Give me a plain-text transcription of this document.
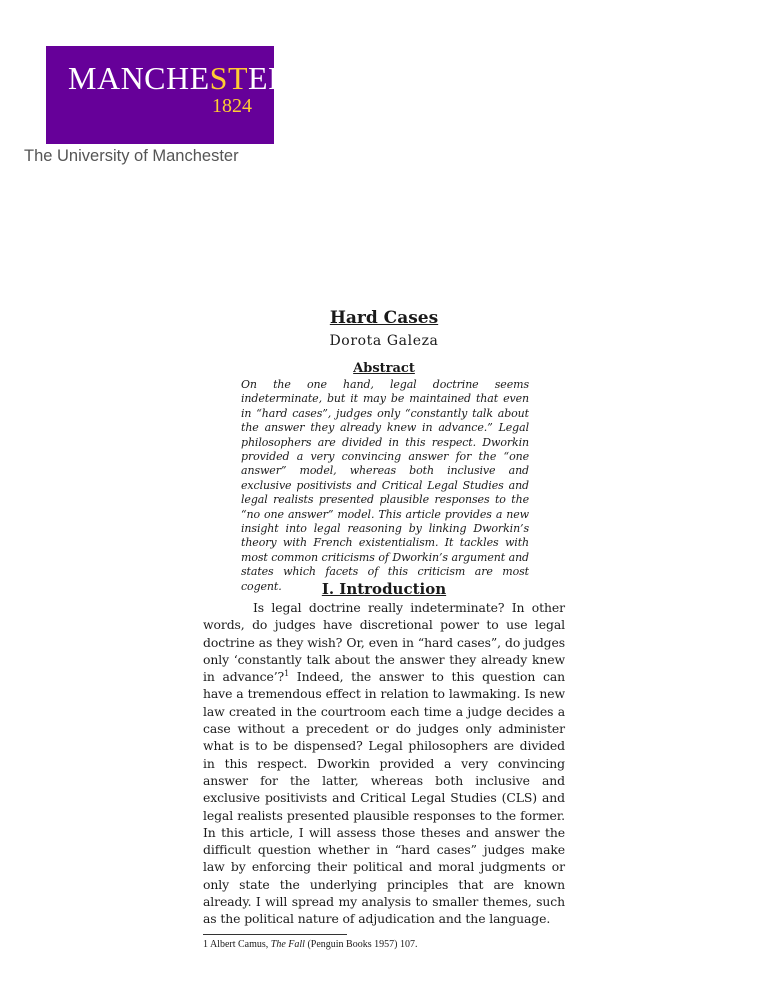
MANCHESTER
1824
The University of Manchester
Hard Cases
Dorota Galeza
Abstract

On the one hand, legal doctrine seems indeterminate, but it may be maintained that even in “hard cases”, judges only “constantly talk about the answer they already knew in advance.” Legal philosophers are divided in this respect. Dworkin provided a very convincing answer for the “one answer” model, whereas both inclusive and exclusive positivists and Critical Legal Studies and legal realists presented plausible responses to the “no one answer” model. This article provides a new insight into legal reasoning by linking Dworkin’s theory with French existentialism. It tackles with most common criticisms of Dworkin’s argument and states which facets of this criticism are most cogent.	I. Introduction

Is legal doctrine really indeterminate? In other words, do judges have discretional power to use legal doctrine as they wish? Or, even in “hard cases”, do judges only ‘constantly talk about the answer they already knew in advance’?$^1$ Indeed, the answer to this question can have a tremendous effect in relation to lawmaking. Is new law created in the courtroom each time a judge decides a case without a precedent or do judges only administer what is to be dispensed? Legal philosophers are divided in this respect. Dworkin provided a very convincing answer for the latter, whereas both inclusive and exclusive positivists and Critical Legal Studies (CLS) and legal realists presented plausible responses to the former. In this article, I will assess those theses and answer the difficult question whether in “hard cases” judges make law by enforcing their political and moral judgments or only state the underlying principles that are known already. I will spread my analysis to smaller themes, such as the political nature of adjudication and the language.

1 Albert Camus, The Fall (Penguin Books 1957) 107.
